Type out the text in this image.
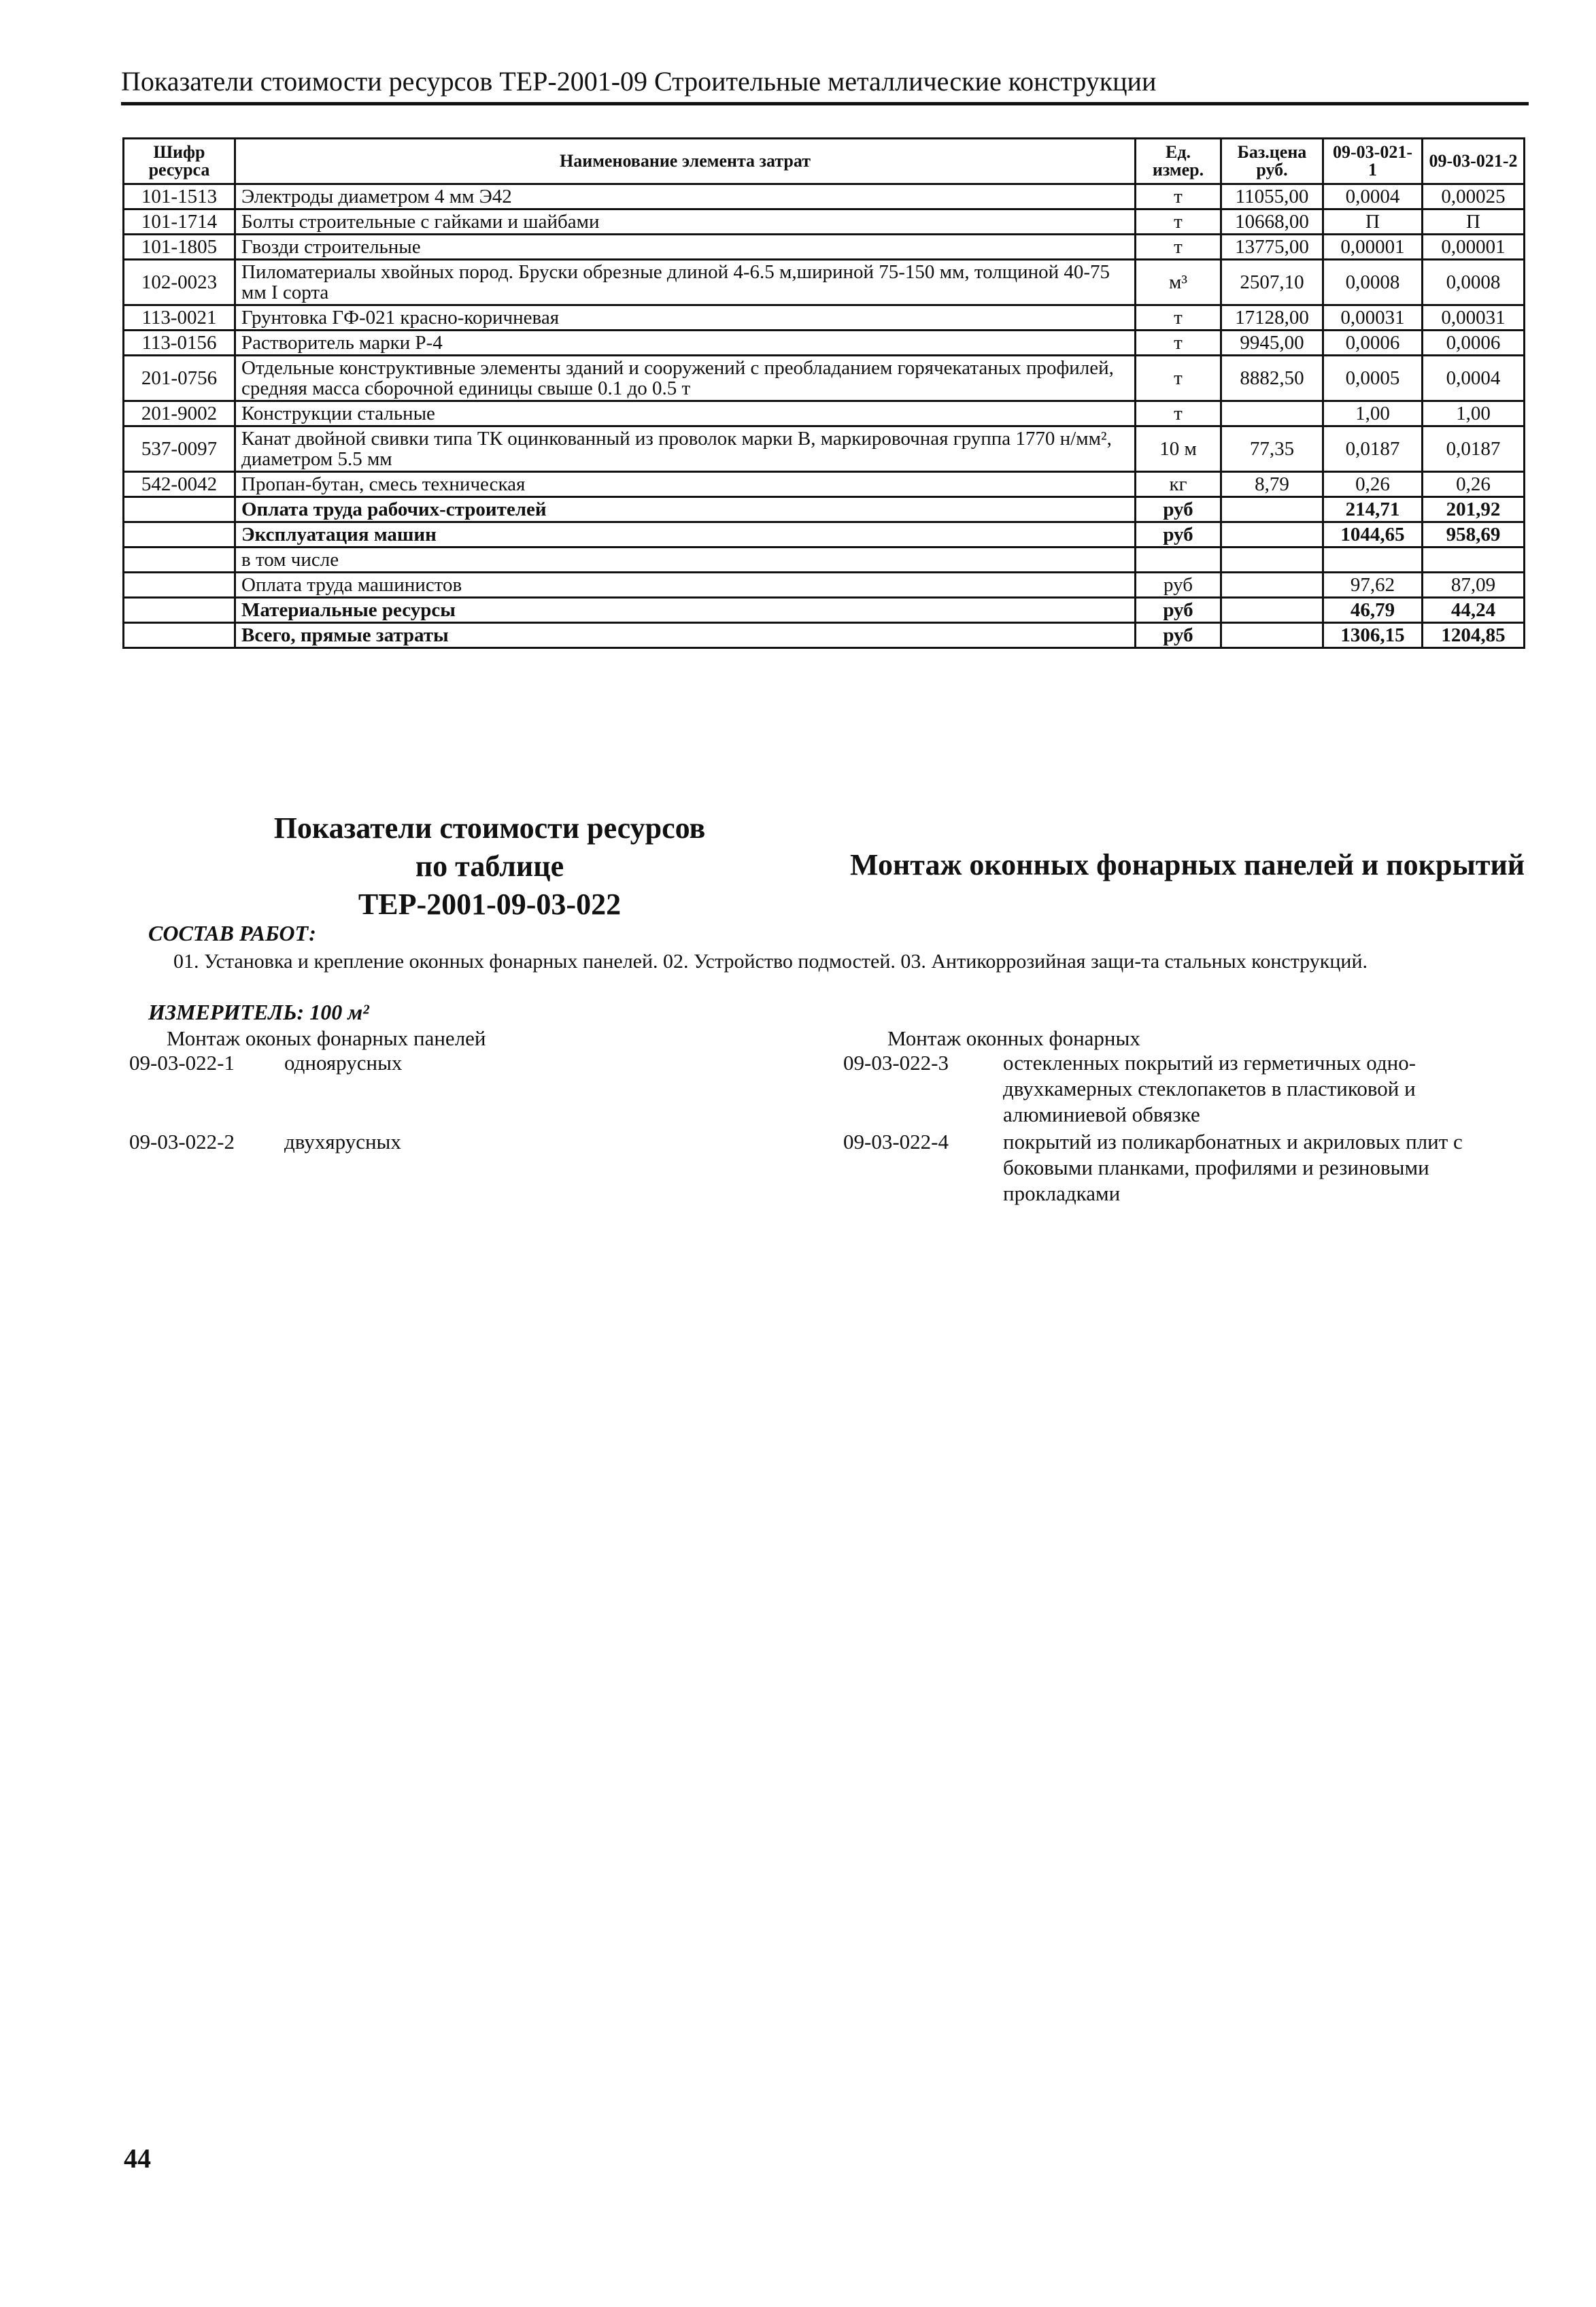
Показатели стоимости ресурсов ТЕР-2001-09 Строительные металлические конструкции
Шифр ресурса	Наименование элемента затрат	Ед. измер.	Баз.цена руб.	09-03-021-1	09-03-021-2
101-1513	Электроды диаметром 4 мм Э42	т	11055,00	0,0004	0,00025
101-1714	Болты строительные с гайками и шайбами	т	10668,00	П	П
101-1805	Гвозди строительные	т	13775,00	0,00001	0,00001
102-0023	Пиломатериалы хвойных пород. Бруски обрезные длиной 4-6.5 м,шириной 75-150 мм, толщиной 40-75 мм I сорта	м³	2507,10	0,0008	0,0008
113-0021	Грунтовка ГФ-021 красно-коричневая	т	17128,00	0,00031	0,00031
113-0156	Растворитель марки Р-4	т	9945,00	0,0006	0,0006
201-0756	Отдельные конструктивные элементы зданий и сооружений с преобладанием горячекатаных профилей, средняя масса сборочной единицы свыше 0.1 до 0.5 т	т	8882,50	0,0005	0,0004
201-9002	Конструкции стальные	т		1,00	1,00
537-0097	Канат двойной свивки типа ТК оцинкованный из проволок марки В, маркировочная группа 1770 н/мм², диаметром 5.5 мм	10 м	77,35	0,0187	0,0187
542-0042	Пропан-бутан, смесь техническая	кг	8,79	0,26	0,26
	Оплата труда рабочих-строителей	руб		214,71	201,92
	Эксплуатация машин	руб		1044,65	958,69
	в том числе				
	Оплата труда машинистов	руб		97,62	87,09
	Материальные ресурсы	руб		46,79	44,24
	Всего, прямые затраты	руб		1306,15	1204,85
Показатели стоимости ресурсов
по таблице
ТЕР-2001-09-03-022
Монтаж оконных фонарных панелей и покрытий
СОСТАВ РАБОТ:
01. Установка и крепление оконных фонарных панелей. 02. Устройство подмостей. 03. Антикоррозийная защи-та стальных конструкций.
ИЗМЕРИТЕЛЬ: 100 м²
Монтаж оконых фонарных панелей	Монтаж оконных фонарных
09-03-022-1 одноярусных
09-03-022-2 двухярусных
09-03-022-3	остекленных покрытий из герметичных одно-двухкамерных стеклопакетов в пластиковой и алюминиевой обвязке
09-03-022-4	покрытий из поликарбонатных и акриловых плит с боковыми планками, профилями и резиновыми прокладками
44
